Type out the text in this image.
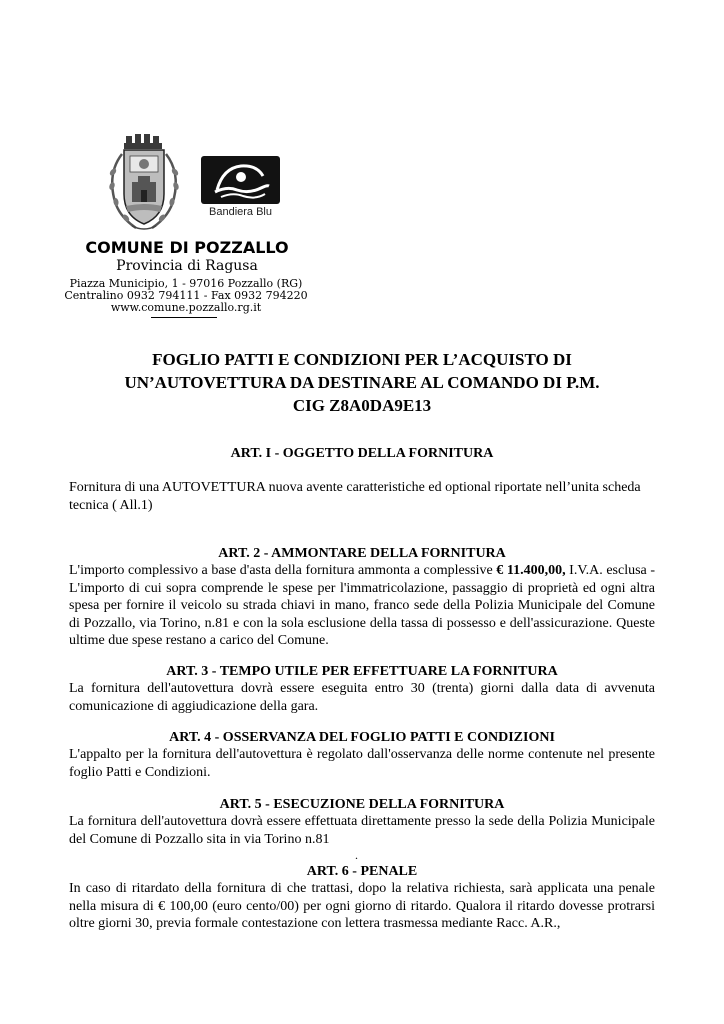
Bandiera Blu
COMUNE DI POZZALLO
Provincia di Ragusa
Piazza Municipio, 1 - 97016 Pozzallo (RG)
Centralino 0932 794111 - Fax 0932 794220
www.comune.pozzallo.rg.it
FOGLIO PATTI E CONDIZIONI PER L’ACQUISTO DI
UN’AUTOVETTURA DA DESTINARE AL COMANDO DI P.M.
CIG Z8A0DA9E13
ART. I - OGGETTO DELLA FORNITURA
Fornitura di una AUTOVETTURA nuova avente caratteristiche ed optional riportate nell’unita scheda tecnica ( All.1)
ART. 2 - AMMONTARE DELLA FORNITURA
L'importo complessivo a base d'asta della fornitura ammonta a complessive € 11.400,00, I.V.A. esclusa - L'importo di cui sopra comprende le spese per l'immatricolazione, passaggio di proprietà ed ogni altra spesa per fornire il veicolo su strada chiavi in mano, franco sede della Polizia Municipale del Comune di Pozzallo, via Torino, n.81 e con la sola esclusione della tassa di possesso e dell'assicurazione. Queste ultime due spese restano a carico del Comune.
ART. 3 - TEMPO UTILE PER EFFETTUARE LA FORNITURA
La fornitura dell'autovettura dovrà essere eseguita entro 30 (trenta) giorni dalla data di avvenuta comunicazione di aggiudicazione della gara.
ART. 4 - OSSERVANZA DEL FOGLIO PATTI E CONDIZIONI
L'appalto per la fornitura dell'autovettura è regolato dall'osservanza delle norme contenute nel presente foglio Patti e Condizioni.
ART. 5 - ESECUZIONE DELLA FORNITURA
La fornitura dell'autovettura dovrà essere effettuata direttamente presso la sede della Polizia Municipale del Comune di Pozzallo sita in via Torino n.81
.
ART. 6 - PENALE
In caso di ritardato della fornitura di che trattasi, dopo la relativa richiesta, sarà applicata una penale nella misura di € 100,00 (euro cento/00) per ogni giorno di ritardo. Qualora il ritardo dovesse protrarsi oltre giorni 30, previa formale contestazione con lettera trasmessa mediante Racc. A.R.,
